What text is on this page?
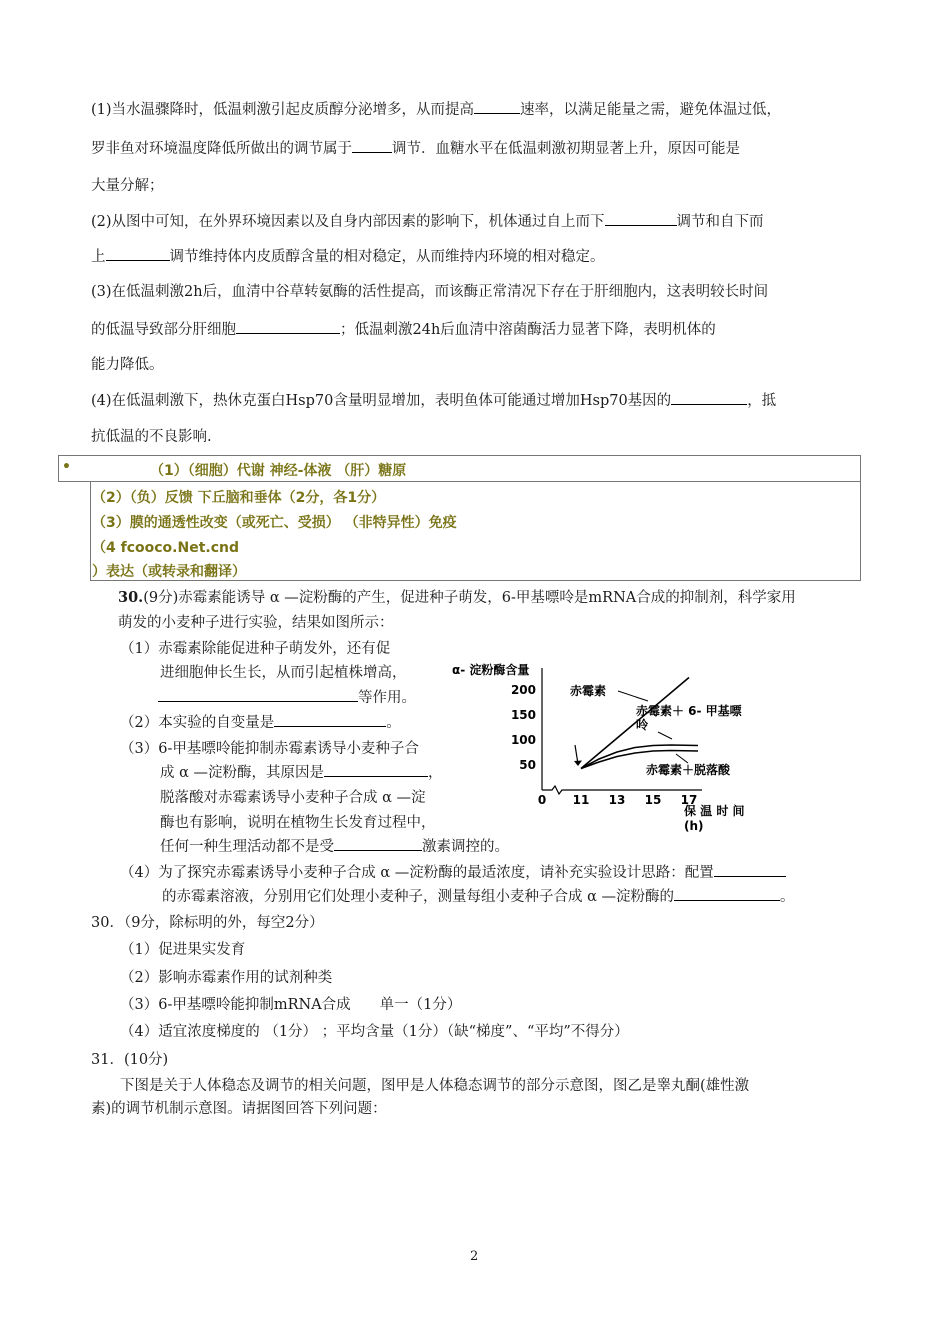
(1)当水温骤降时，低温刺激引起皮质醇分泌增多，从而提高	速率，以满足能量之需，避免体温过低，
罗非鱼对环境温度降低所做出的调节属于	调节．血糖水平在低温刺激初期显著上升，原因可能是
大量分解；
(2)从图中可知，在外界环境因素以及自身内部因素的影响下，机体通过自上而下	调节和自下而
上	调节维持体内皮质醇含量的相对稳定，从而维持内环境的相对稳定。
(3)在低温刺激2h后，血清中谷草转氨酶的活性提高，而该酶正常清况下存在于肝细胞内，这表明较长时间
的低温导致部分肝细胞	；低温刺激24h后血清中溶菌酶活力显著下降，表明机体的
能力降低。
(4)在低温刺激下，热休克蛋白Hsp70含量明显增加，表明鱼体可能通过增加Hsp70基因的	，抵
抗低温的不良影响.
•	（1）（细胞）代谢 神经-体液 （肝）糖原
（2）（负）反馈 下丘脑和垂体（2分，各1分）
（3）膜的通透性改变（或死亡、受损） （非特异性）免疫
（4 fcooco.Net.cnd
）表达（或转录和翻译）
30.(9分)赤霉素能诱导 α —淀粉酶的产生，促进种子萌发，6-甲基嘌呤是mRNA合成的抑制剂，科学家用
萌发的小麦种子进行实验，结果如图所示：
（1）赤霉素除能促进种子萌发外，还有促
进细胞伸长生长，从而引起植株增高，
等作用。
（2）本实验的自变量是	。
（3）6-甲基嘌呤能抑制赤霉素诱导小麦种子合
成 α —淀粉酶，其原因是	，
脱落酸对赤霉素诱导小麦种子合成 α —淀
酶也有影响，说明在植物生长发育过程中，
任何一种生理活动都不是受	激素调控的。
（4）为了探究赤霉素诱导小麦种子合成 α —淀粉酶的最适浓度，请补充实验设计思路：配置
的赤霉素溶液，分别用它们处理小麦种子，测量每组小麦种子合成 α —淀粉酶的	。
α- 淀粉酶含量
200
150
100
50
0 11 13 15 17
赤霉素
赤霉素＋ 6- 甲基嘌
呤
赤霉素＋脱落酸
保 温 时 间
(h)
30．（9分，除标明的外，每空2分）
（1）促进果实发育
（2）影响赤霉素作用的试剂种类
（3）6-甲基嘌呤能抑制mRNA合成　　单一（1分）
（4）适宜浓度梯度的 （1分） ；平均含量（1分）（缺“梯度”、“平均”不得分）
31．(10分)
下图是关于人体稳态及调节的相关问题，图甲是人体稳态调节的部分示意图，图乙是睾丸酮(雄性激
素)的调节机制示意图。请据图回答下列问题：
2
